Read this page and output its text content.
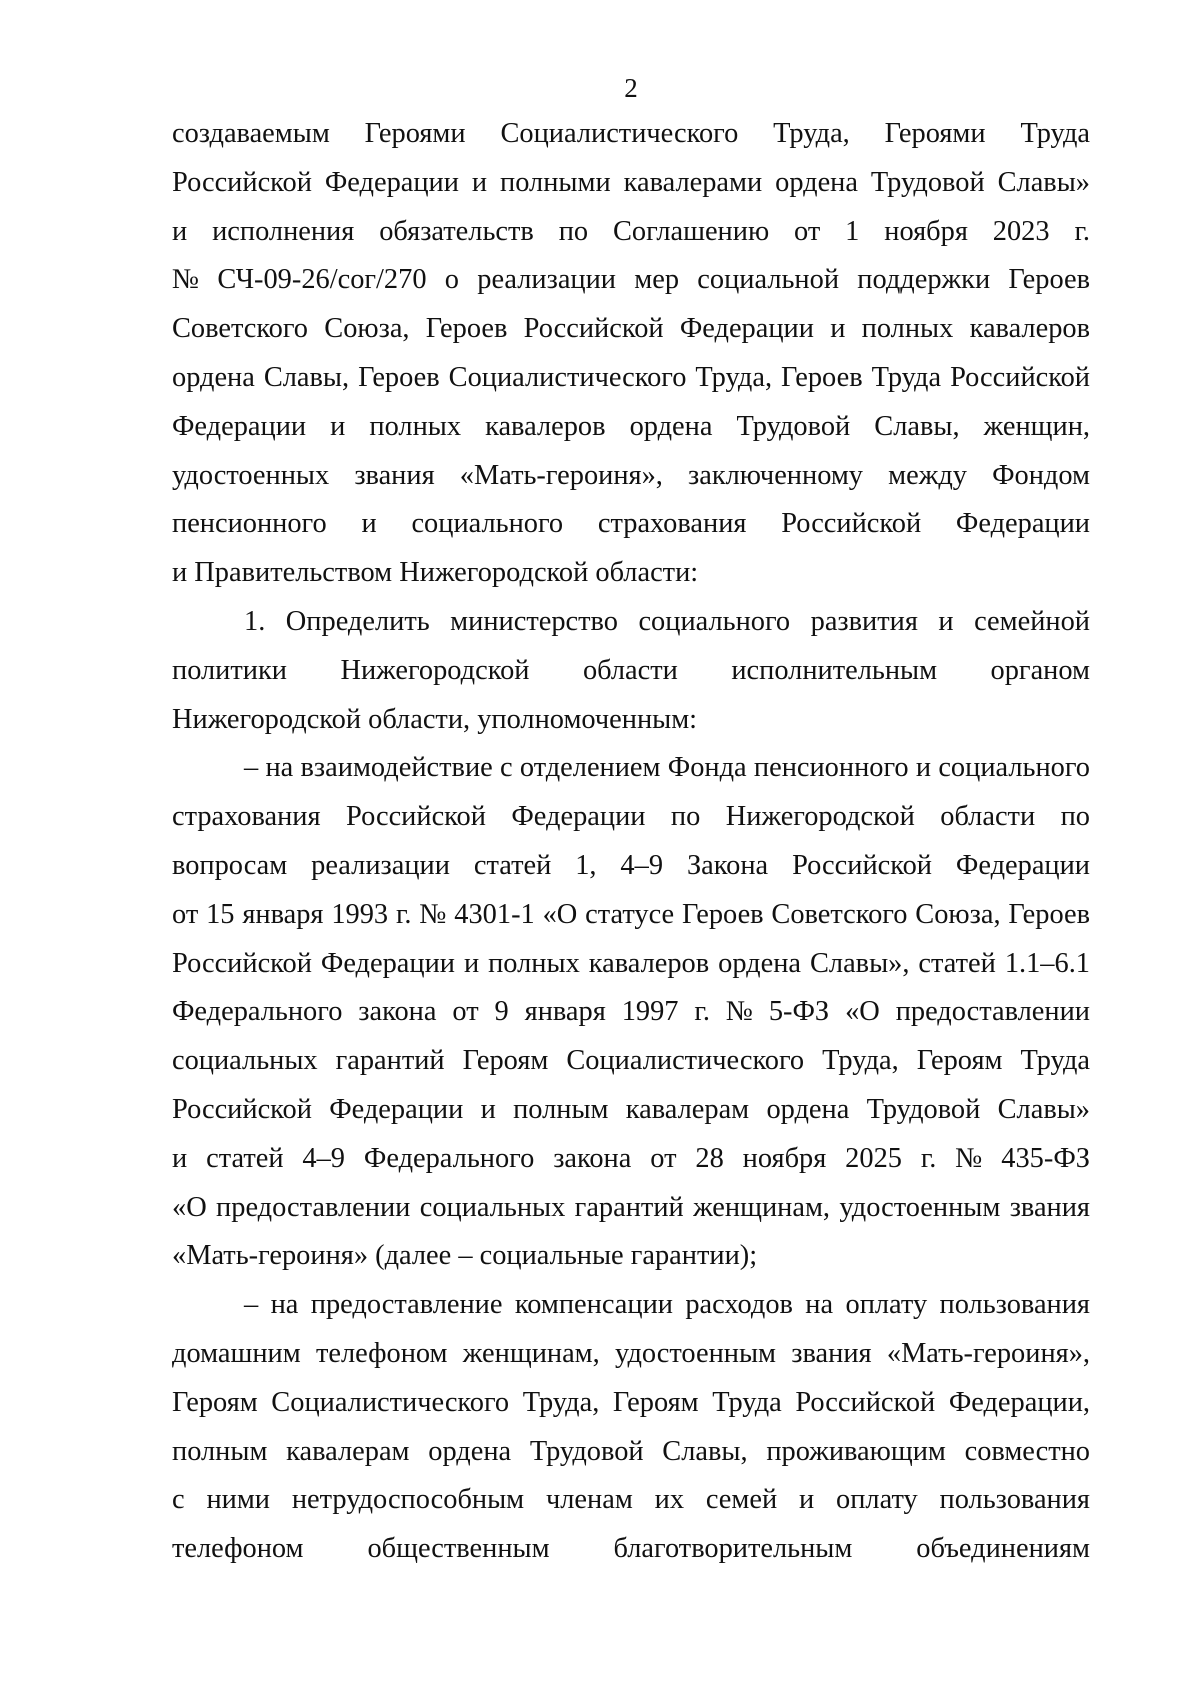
2
создаваемым Героями Социалистического Труда, Героями Труда
Российской Федерации и полными кавалерами ордена Трудовой Славы»
и исполнения обязательств по Соглашению от 1 ноября 2023 г.
№ СЧ-09-26/сог/270 о реализации мер социальной поддержки Героев
Советского Союза, Героев Российской Федерации и полных кавалеров
ордена Славы, Героев Социалистического Труда, Героев Труда Российской
Федерации и полных кавалеров ордена Трудовой Славы, женщин,
удостоенных звания «Мать-героиня», заключенному между Фондом
пенсионного и социального страхования Российской Федерации
и Правительством Нижегородской области:
1. Определить министерство социального развития и семейной
политики Нижегородской области исполнительным органом
Нижегородской области, уполномоченным:
– на взаимодействие с отделением Фонда пенсионного и социального
страхования Российской Федерации по Нижегородской области по
вопросам реализации статей 1, 4–9 Закона Российской Федерации
от 15 января 1993 г. № 4301-1 «О статусе Героев Советского Союза, Героев
Российской Федерации и полных кавалеров ордена Славы», статей 1.1–6.1
Федерального закона от 9 января 1997 г. № 5-ФЗ «О предоставлении
социальных гарантий Героям Социалистического Труда, Героям Труда
Российской Федерации и полным кавалерам ордена Трудовой Славы»
и статей 4–9 Федерального закона от 28 ноября 2025 г. № 435-ФЗ
«О предоставлении социальных гарантий женщинам, удостоенным звания
«Мать-героиня» (далее – социальные гарантии);
– на предоставление компенсации расходов на оплату пользования
домашним телефоном женщинам, удостоенным звания «Мать-героиня»,
Героям Социалистического Труда, Героям Труда Российской Федерации,
полным кавалерам ордена Трудовой Славы, проживающим совместно
с ними нетрудоспособным членам их семей и оплату пользования
телефоном общественным благотворительным объединениям
